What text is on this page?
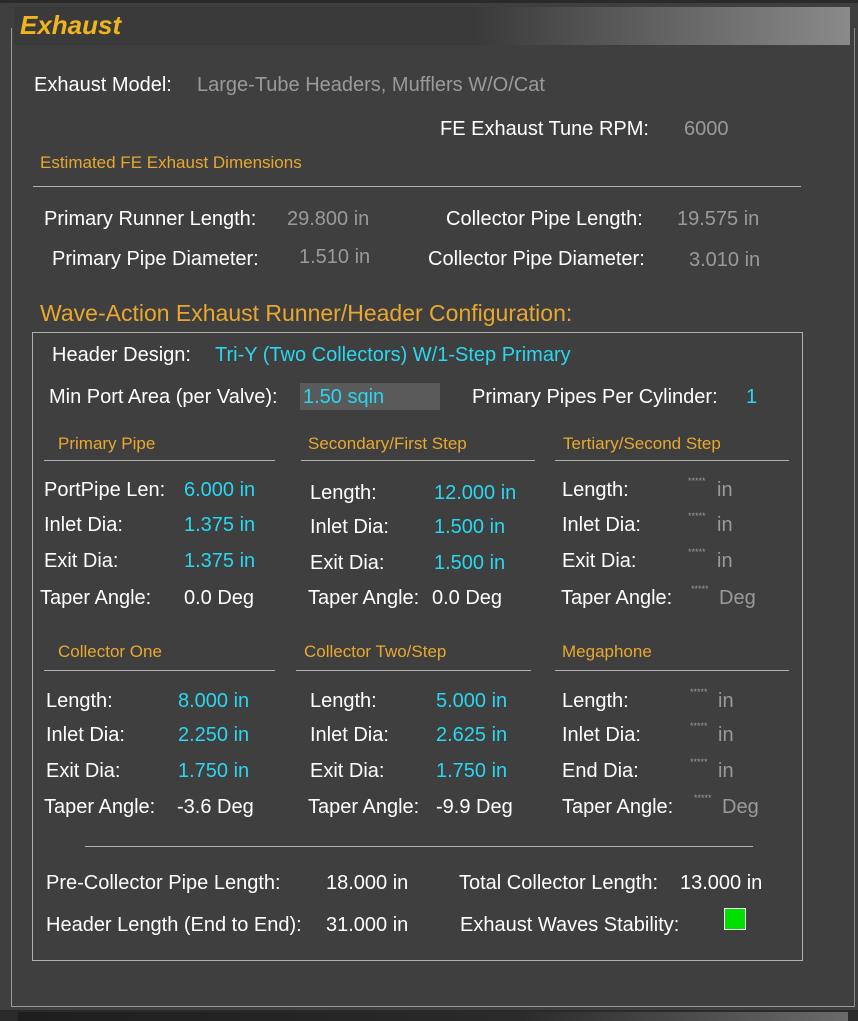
Exhaust
Exhaust Model: Large-Tube Headers, Mufflers W/O/Cat
FE Exhaust Tune RPM: 6000
Estimated FE Exhaust Dimensions
Primary Runner Length: 29.800 in	Collector Pipe Length: 19.575 in
Primary Pipe Diameter: 1.510 in	Collector Pipe Diameter: 3.010 in
Wave-Action Exhaust Runner/Header Configuration:
Header Design: Tri-Y (Two Collectors) W/1-Step Primary
Min Port Area (per Valve): 1.50 sqin	Primary Pipes Per Cylinder: 1
Primary Pipe
PortPipe Len: 6.000 in
Inlet Dia:	1.375 in
Exit Dia:	1.375 in
Taper Angle: 0.0 Deg
Secondary/First Step
Length:	12.000 in
Inlet Dia: 1.500 in
Exit Dia: 1.500 in
Taper Angle: 0.0 Deg
Tertiary/Second Step
Length:	***** in
Inlet Dia:	***** in
Exit Dia:	***** in
Taper Angle: ***** Deg
Collector One
Length:	8.000 in
Inlet Dia:	2.250 in
Exit Dia:	1.750 in
Taper Angle: -3.6 Deg
Collector Two/Step
Length:	5.000 in
Inlet Dia: 2.625 in
Exit Dia:	1.750 in
Taper Angle: -9.9 Deg
Megaphone
Length:	***** in
Inlet Dia:	***** in
End Dia:	***** in
Taper Angle: ***** Deg
Pre-Collector Pipe Length: 18.000 in	Total Collector Length: 13.000 in
Header Length (End to End): 31.000 in	Exhaust Waves Stability:
